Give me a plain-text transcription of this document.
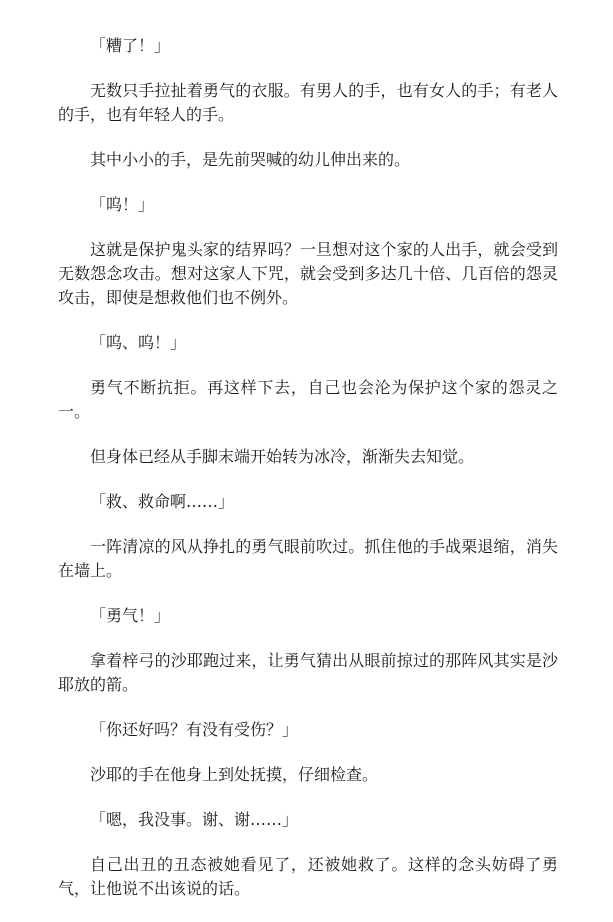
「糟了！」

无数只手拉扯着勇气的衣服。有男人的手，也有女人的手；有老人的手，也有年轻人的手。

其中小小的手，是先前哭喊的幼儿伸出来的。

「呜！」

这就是保护鬼头家的结界吗？一旦想对这个家的人出手，就会受到无数怨念攻击。想对这家人下咒，就会受到多达几十倍、几百倍的怨灵攻击，即使是想救他们也不例外。

「呜、呜！」

勇气不断抗拒。再这样下去，自己也会沦为保护这个家的怨灵之一。

但身体已经从手脚末端开始转为冰冷，渐渐失去知觉。

「救、救命啊……」

一阵清凉的风从挣扎的勇气眼前吹过。抓住他的手战栗退缩，消失在墙上。

「勇气！」

拿着梓弓的沙耶跑过来，让勇气猜出从眼前掠过的那阵风其实是沙耶放的箭。

「你还好吗？有没有受伤？」

沙耶的手在他身上到处抚摸，仔细检查。

「嗯，我没事。谢、谢……」

自己出丑的丑态被她看见了，还被她救了。这样的念头妨碍了勇气，让他说不出该说的话。
